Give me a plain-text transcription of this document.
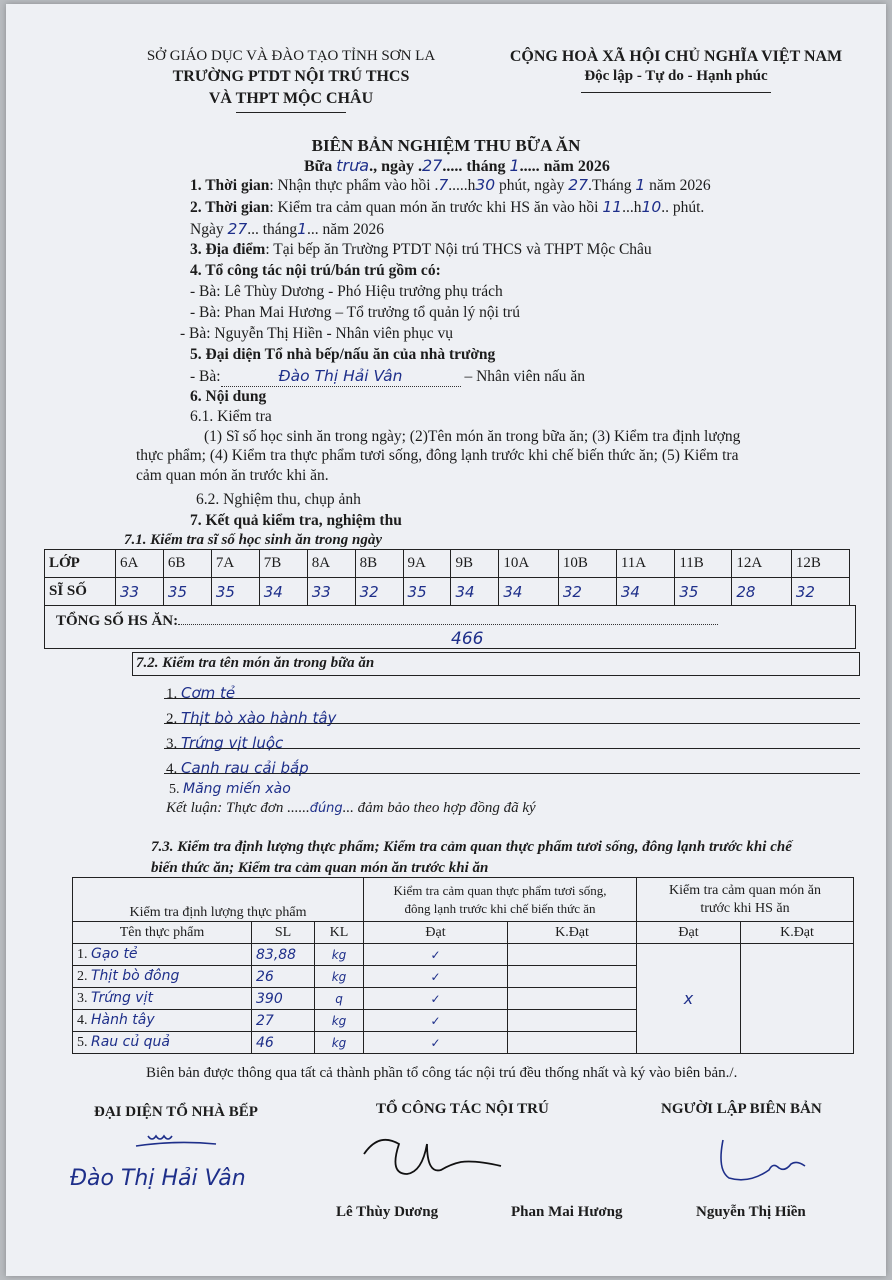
SỞ GIÁO DỤC VÀ ĐÀO TẠO TỈNH SƠN LA
TRƯỜNG PTDT NỘI TRÚ THCS
VÀ THPT MỘC CHÂU
CỘNG HOÀ XÃ HỘI CHỦ NGHĨA VIỆT NAM
Độc lập - Tự do - Hạnh phúc
BIÊN BẢN NGHIỆM THU BỮA ĂN
Bữa trưa., ngày .27..... tháng 1..... năm 2026
1. Thời gian: Nhận thực phẩm vào hồi .7.....h30 phút, ngày 27.Tháng 1 năm 2026
2. Thời gian: Kiểm tra cảm quan món ăn trước khi HS ăn vào hồi 11...h10.. phút.
Ngày 27... tháng1... năm 2026
3. Địa điểm: Tại bếp ăn Trường PTDT Nội trú THCS và THPT Mộc Châu
4. Tổ công tác nội trú/bán trú gồm có:
- Bà: Lê Thùy Dương - Phó Hiệu trưởng phụ trách
- Bà: Phan Mai Hương – Tổ trưởng tổ quản lý nội trú
- Bà: Nguyễn Thị Hiền - Nhân viên phục vụ
5. Đại diện Tổ nhà bếp/nấu ăn của nhà trường
- Bà:	Đào Thị Hải Vân	– Nhân viên nấu ăn
6. Nội dung
6.1. Kiểm tra
(1) Sĩ số học sinh ăn trong ngày; (2)Tên món ăn trong bữa ăn; (3) Kiểm tra định lượng
thực phẩm; (4) Kiểm tra thực phẩm tươi sống, đông lạnh trước khi chế biến thức ăn; (5) Kiểm tra
cảm quan món ăn trước khi ăn.
6.2. Nghiệm thu, chụp ảnh
7. Kết quả kiểm tra, nghiệm thu
7.1. Kiểm tra sĩ số học sinh ăn trong ngày
LỚP	6A	6B	7A	7B	8A	8B	9A	9B	10A	10B	11A	11B	12A	12B
SĨ SỐ	33	35	35	34	33	32	35	34	34	32	34	35	28	32
TỔNG SỐ HS ĂN:
466
7.2. Kiểm tra tên món ăn trong bữa ăn
1. Cơm tẻ
2. Thịt bò xào hành tây
3. Trứng vịt luộc
4. Canh rau cải bắp
5. Măng miến xào
Kết luận: Thực đơn ......đúng... đảm bảo theo hợp đồng đã ký
7.3. Kiểm tra định lượng thực phẩm; Kiểm tra cảm quan thực phẩm tươi sống, đông lạnh trước khi chế
biến thức ăn; Kiểm tra cảm quan món ăn trước khi ăn
Kiểm tra định lượng thực phẩm			Kiểm tra cảm quan thực phẩm tươi sống,
đông lạnh trước khi chế biến thức ăn		Kiểm tra cảm quan món ăn
trước khi HS ăn	
Tên thực phẩm	SL	KL	Đạt	K.Đạt	Đạt	K.Đạt
1. Gạo tẻ	83,88	kg	✓		x	
2. Thịt bò đông	26	kg	✓			
3. Trứng vịt	390	q	✓			
4. Hành tây	27	kg	✓			
5. Rau củ quả	46	kg	✓			
Biên bản được thông qua tất cả thành phần tổ công tác nội trú đều thống nhất và ký vào biên bản./.
ĐẠI DIỆN TỔ NHÀ BẾP	TỔ CÔNG TÁC NỘI TRÚ	NGƯỜI LẬP BIÊN BẢN
Đào Thị Hải Vân
Lê Thùy Dương	Phan Mai Hương	Nguyễn Thị Hiền
